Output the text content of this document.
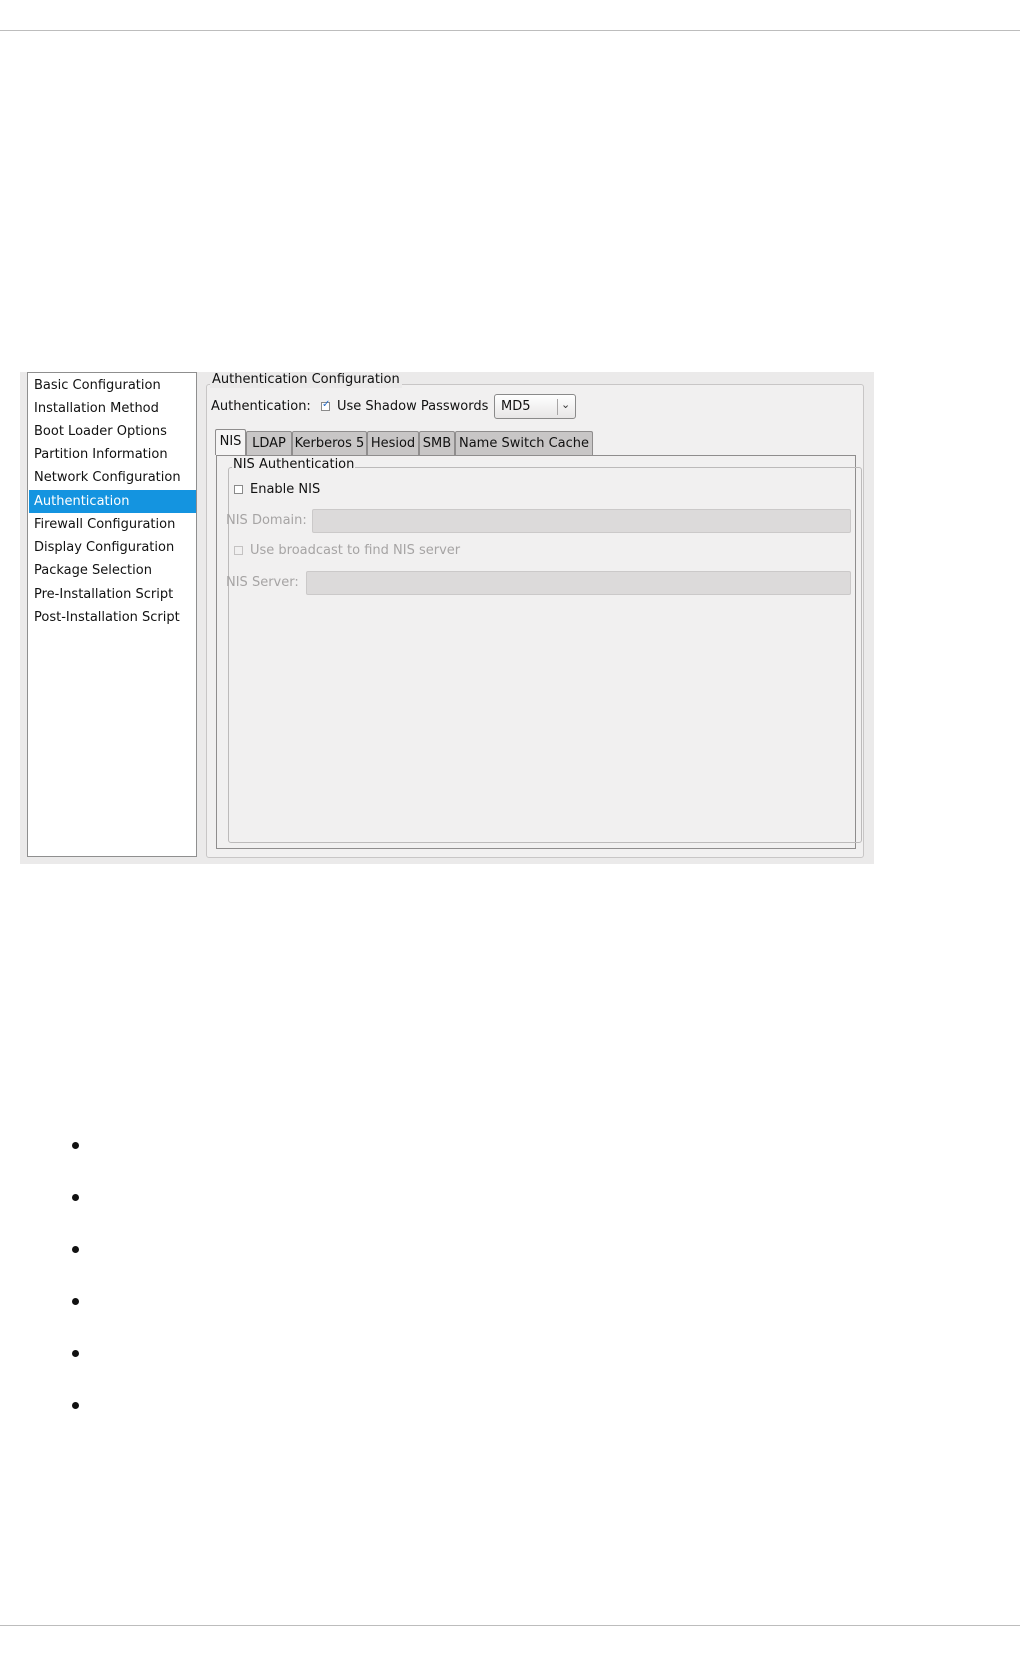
Basic Configuration
Installation Method
Boot Loader Options
Partition Information
Network Configuration
Authentication
Firewall Configuration
Display Configuration
Package Selection
Pre-Installation Script
Post-Installation Script
Authentication Configuration
Authentication: ✓ Use Shadow Passwords MD5	⌄
NIS LDAP Kerberos 5 Hesiod SMB Name Switch Cache
NIS Authentication
Enable NIS
NIS Domain:
Use broadcast to find NIS server
NIS Server:
